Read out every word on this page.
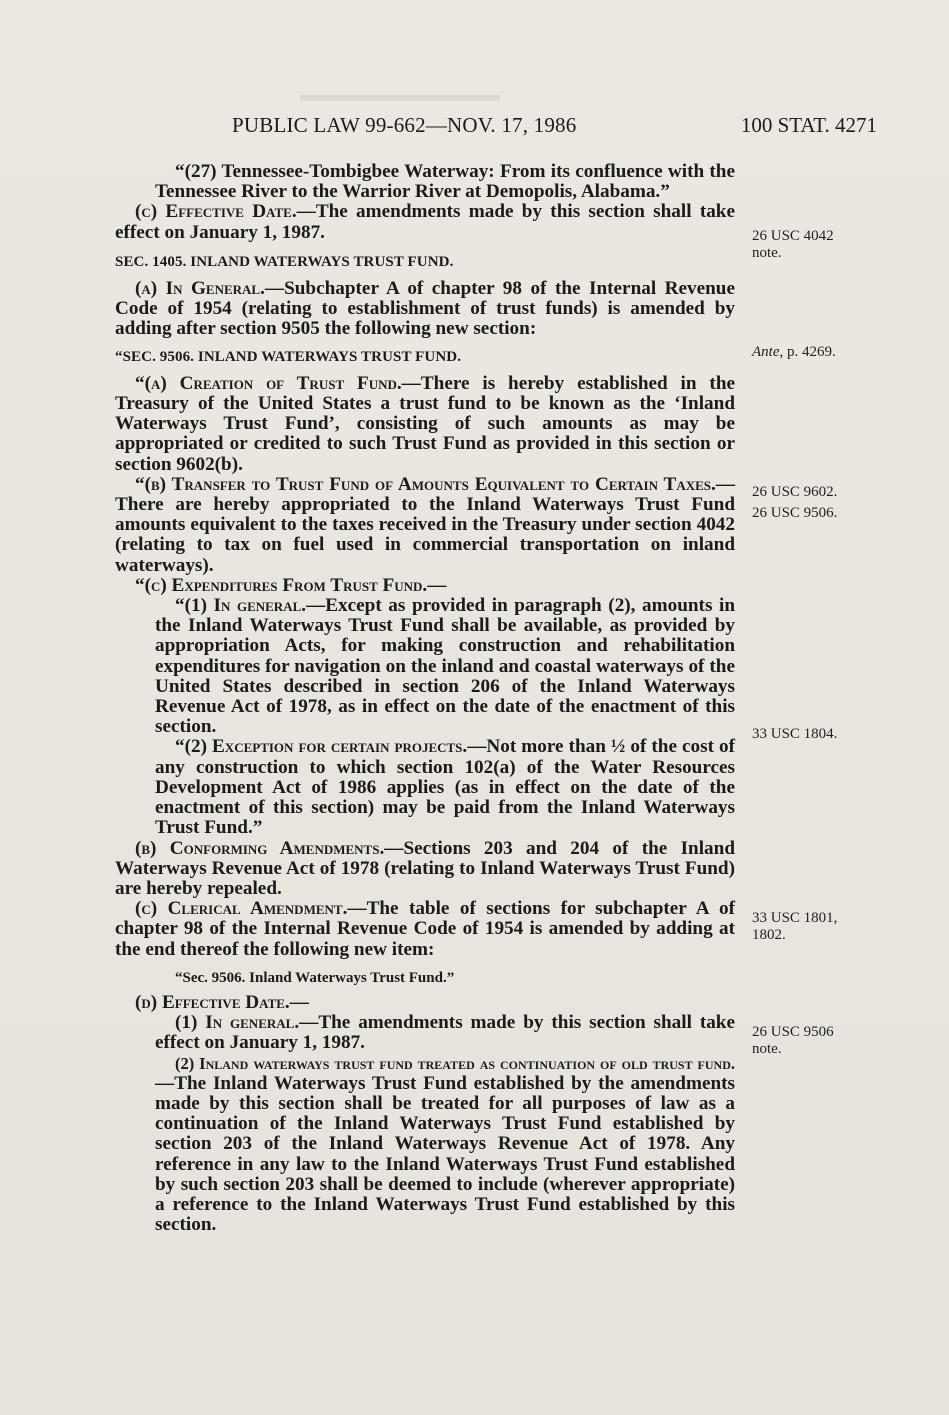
PUBLIC LAW 99-662—NOV. 17, 1986	100 STAT. 4271

“(27) Tennessee-Tombigbee Waterway: From its confluence with the Tennessee River to the Warrior River at Demopolis, Alabama.”

(c) Effective Date.—The amendments made by this section shall take effect on January 1, 1987.

SEC. 1405. INLAND WATERWAYS TRUST FUND.

(a) In General.—Subchapter A of chapter 98 of the Internal Revenue Code of 1954 (relating to establishment of trust funds) is amended by adding after section 9505 the following new section:

“SEC. 9506. INLAND WATERWAYS TRUST FUND.

“(a) Creation of Trust Fund.—There is hereby established in the Treasury of the United States a trust fund to be known as the ‘Inland Waterways Trust Fund’, consisting of such amounts as may be appropriated or credited to such Trust Fund as provided in this section or section 9602(b).

“(b) Transfer to Trust Fund of Amounts Equivalent to Certain Taxes.—There are hereby appropriated to the Inland Waterways Trust Fund amounts equivalent to the taxes received in the Treasury under section 4042 (relating to tax on fuel used in commercial transportation on inland waterways).

“(c) Expenditures From Trust Fund.—

“(1) In general.—Except as provided in paragraph (2), amounts in the Inland Waterways Trust Fund shall be available, as provided by appropriation Acts, for making construction and rehabilitation expenditures for navigation on the inland and coastal waterways of the United States described in section 206 of the Inland Waterways Revenue Act of 1978, as in effect on the date of the enactment of this section.

“(2) Exception for certain projects.—Not more than ½ of the cost of any construction to which section 102(a) of the Water Resources Development Act of 1986 applies (as in effect on the date of the enactment of this section) may be paid from the Inland Waterways Trust Fund.”

(b) Conforming Amendments.—Sections 203 and 204 of the Inland Waterways Revenue Act of 1978 (relating to Inland Waterways Trust Fund) are hereby repealed.

(c) Clerical Amendment.—The table of sections for subchapter A of chapter 98 of the Internal Revenue Code of 1954 is amended by adding at the end thereof the following new item:

“Sec. 9506. Inland Waterways Trust Fund.”

(d) Effective Date.—

(1) In general.—The amendments made by this section shall take effect on January 1, 1987.

(2) Inland waterways trust fund treated as continuation of old trust fund.—The Inland Waterways Trust Fund established by the amendments made by this section shall be treated for all purposes of law as a continuation of the Inland Waterways Trust Fund established by section 203 of the Inland Waterways Revenue Act of 1978. Any reference in any law to the Inland Waterways Trust Fund established by such section 203 shall be deemed to include (wherever appropriate) a reference to the Inland Waterways Trust Fund established by this section.

26 USC 4042 note.
Ante, p. 4269.
26 USC 9602.
26 USC 9506.
33 USC 1804.
33 USC 1801, 1802.
26 USC 9506 note.
